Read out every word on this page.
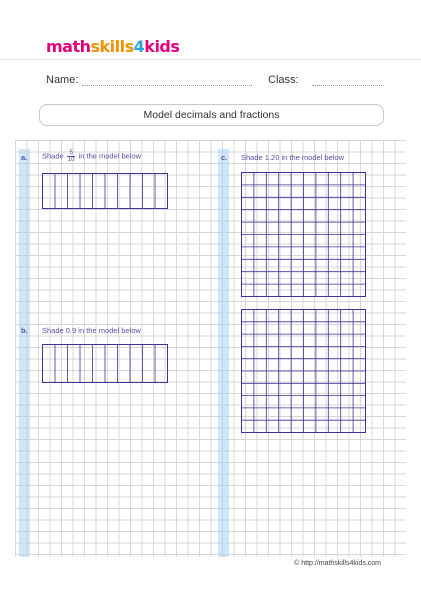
mathskills4kids
Name:	Class:
Model decimals and fractions
a. Shade $\frac{5}{10}$ in the model below
b. Shade 0.9 in the model below
c. Shade 1.20 in the model below
© http://mathskills4kids.com
